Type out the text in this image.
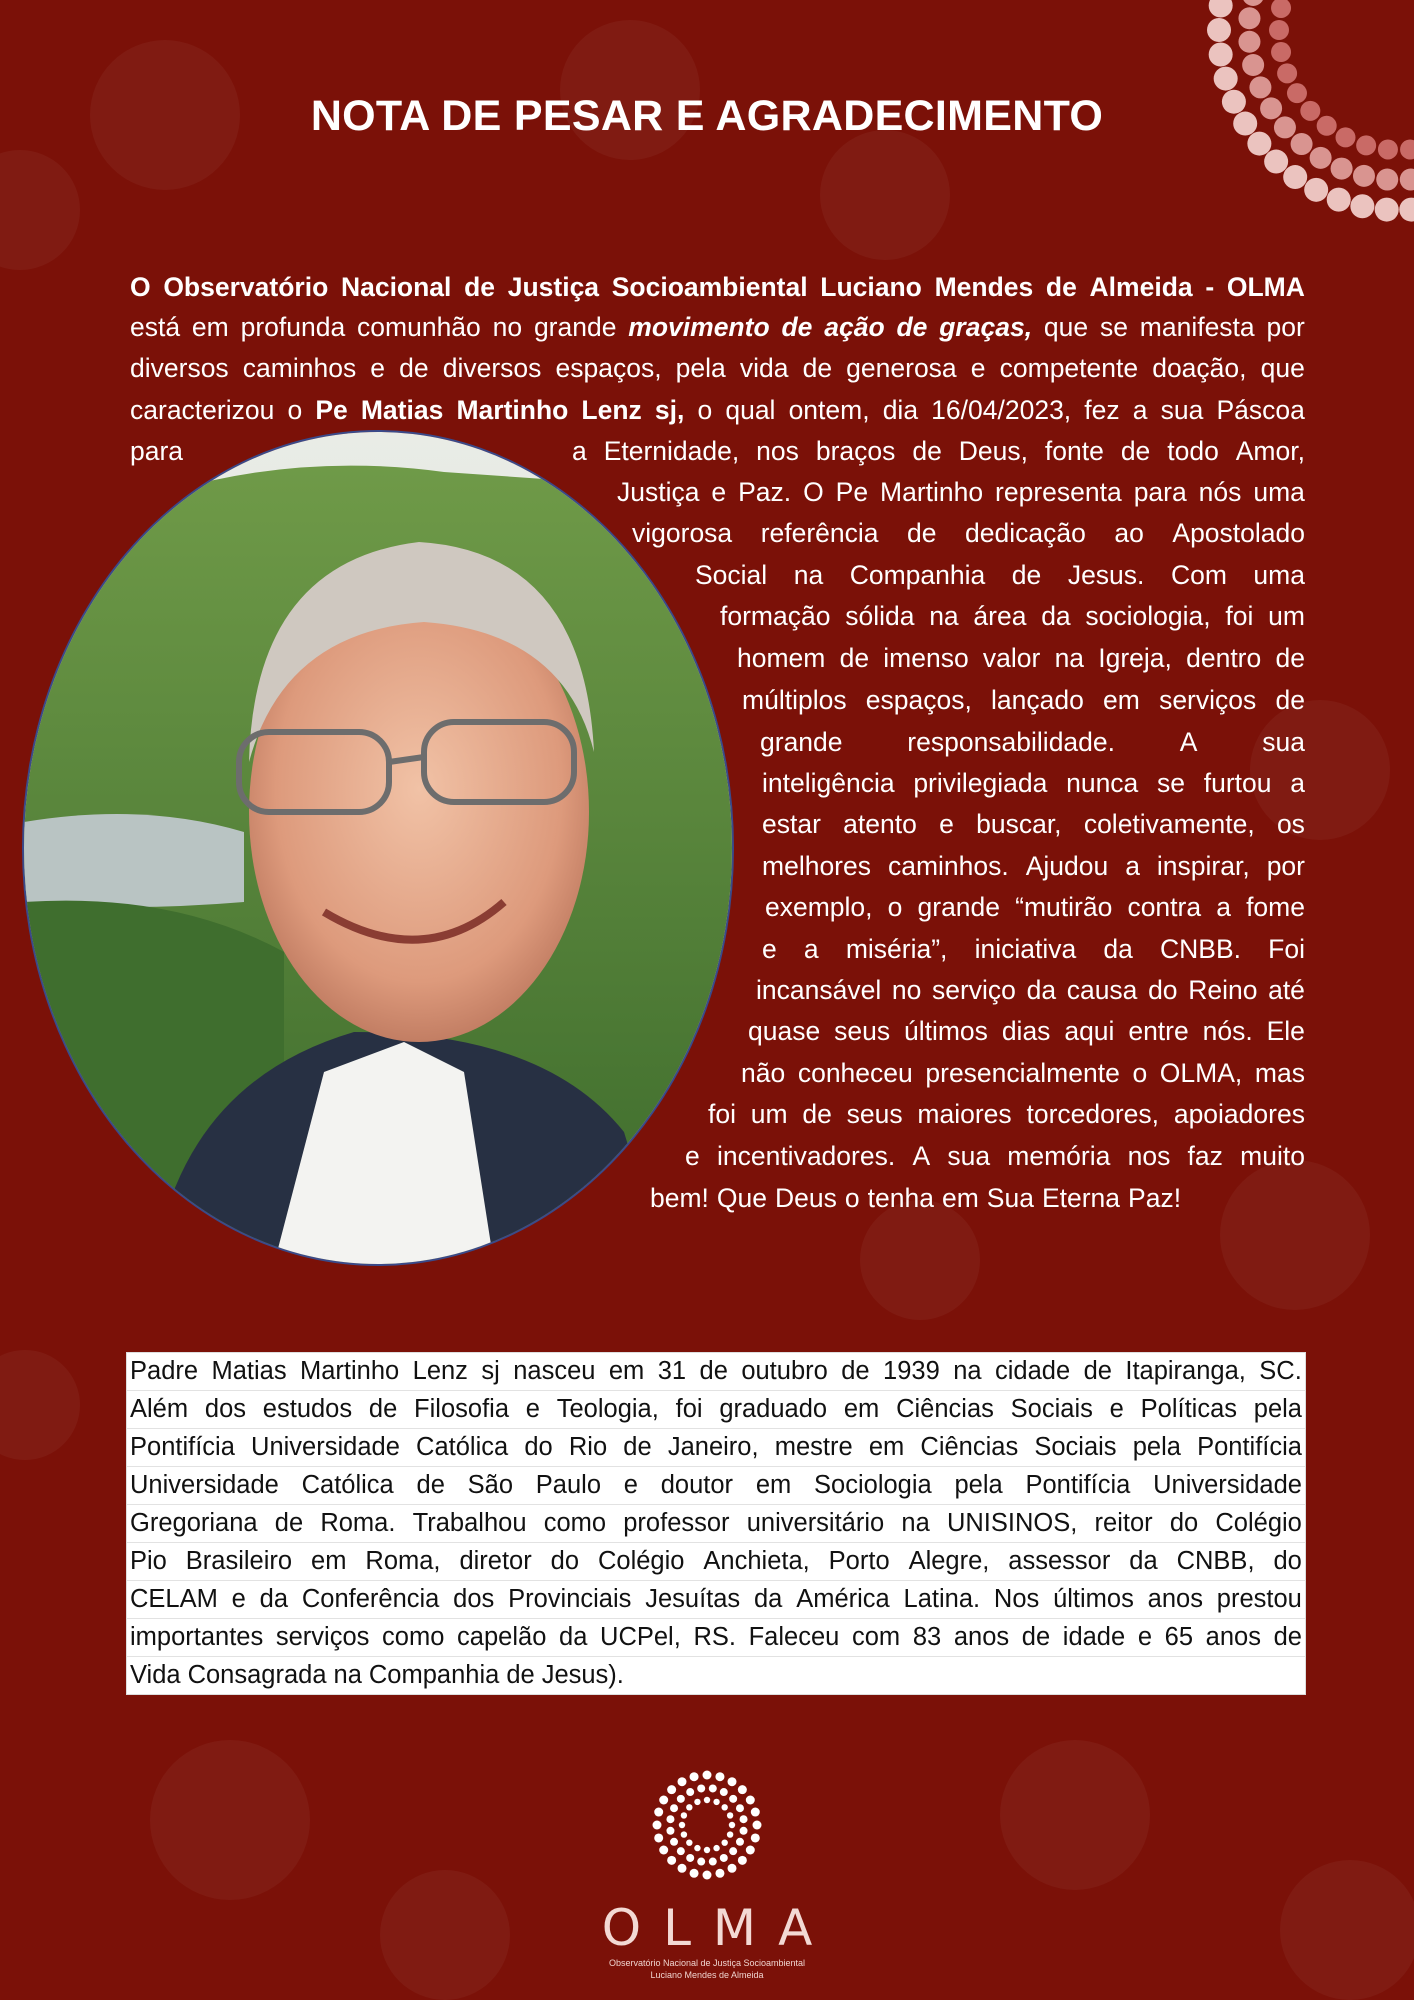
NOTA DE PESAR E AGRADECIMENTO
O Observatório Nacional de Justiça Socioambiental Luciano Mendes de Almeida - OLMA
está em profunda comunhão no grande movimento de ação de graças, que se manifesta por
diversos caminhos e de diversos espaços, pela vida de generosa e competente doação, que
caracterizou o Pe Matias Martinho Lenz sj, o qual ontem, dia 16/04/2023, fez a sua Páscoa
para	a Eternidade, nos braços de Deus, fonte de todo Amor,
Justiça e Paz. O Pe Martinho representa para nós uma
vigorosa referência de dedicação ao Apostolado
Social na Companhia de Jesus. Com uma
formação sólida na área da sociologia, foi um
homem de imenso valor na Igreja, dentro de
múltiplos espaços, lançado em serviços de
grande responsabilidade. A sua
inteligência privilegiada nunca se furtou a
estar atento e buscar, coletivamente, os
melhores caminhos. Ajudou a inspirar, por
exemplo, o grande “mutirão contra a fome
e a miséria”, iniciativa da CNBB. Foi
incansável no serviço da causa do Reino até
quase seus últimos dias aqui entre nós. Ele
não conheceu presencialmente o OLMA, mas
foi um de seus maiores torcedores, apoiadores
e incentivadores. A sua memória nos faz muito
bem! Que Deus o tenha em Sua Eterna Paz!
Padre Matias Martinho Lenz sj nasceu em 31 de outubro de 1939 na cidade de Itapiranga, SC.
Além dos estudos de Filosofia e Teologia, foi graduado em Ciências Sociais e Políticas pela
Pontifícia Universidade Católica do Rio de Janeiro, mestre em Ciências Sociais pela Pontifícia
Universidade Católica de São Paulo e doutor em Sociologia pela Pontifícia Universidade
Gregoriana de Roma. Trabalhou como professor universitário na UNISINOS, reitor do Colégio
Pio Brasileiro em Roma, diretor do Colégio Anchieta, Porto Alegre, assessor da CNBB, do
CELAM e da Conferência dos Provinciais Jesuítas da América Latina. Nos últimos anos prestou
importantes serviços como capelão da UCPel, RS. Faleceu com 83 anos de idade e 65 anos de
Vida Consagrada na Companhia de Jesus).
OLMA
Observatório Nacional de Justiça Socioambiental
Luciano Mendes de Almeida
